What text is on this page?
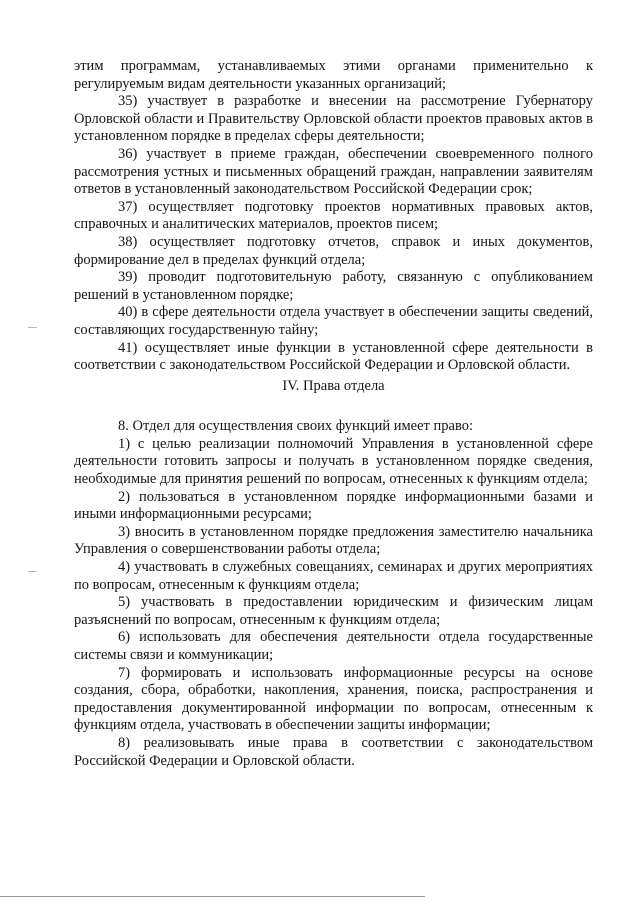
этим программам, устанавливаемых этими органами применительно к регулируемым видам деятельности указанных организаций;

35) участвует в разработке и внесении на рассмотрение Губернатору Орловской области и Правительству Орловской области проектов правовых актов в установленном порядке в пределах сферы деятельности;

36) участвует в приеме граждан, обеспечении своевременного полного рассмотрения устных и письменных обращений граждан, направлении заявителям ответов в установленный законодательством Российской Федерации срок;

37) осуществляет подготовку проектов нормативных правовых актов, справочных и аналитических материалов, проектов писем;

38) осуществляет подготовку отчетов, справок и иных документов, формирование дел в пределах функций отдела;

39) проводит подготовительную работу, связанную с опубликованием решений в установленном порядке;

40) в сфере деятельности отдела участвует в обеспечении защиты сведений, составляющих государственную тайну;

41) осуществляет иные функции в установленной сфере деятельности в соответствии с законодательством Российской Федерации и Орловской области.

IV. Права отдела

8. Отдел для осуществления своих функций имеет право:

1) с целью реализации полномочий Управления в установленной сфере деятельности готовить запросы и получать в установленном порядке сведения, необходимые для принятия решений по вопросам, отнесенных к функциям отдела;

2) пользоваться в установленном порядке информационными базами и иными информационными ресурсами;

3) вносить в установленном порядке предложения заместителю начальника Управления о совершенствовании работы отдела;

4) участвовать в служебных совещаниях, семинарах и других мероприятиях по вопросам, отнесенным к функциям отдела;

5) участвовать в предоставлении юридическим и физическим лицам разъяснений по вопросам, отнесенным к функциям отдела;

6) использовать для обеспечения деятельности отдела государственные системы связи и коммуникации;

7) формировать и использовать информационные ресурсы на основе создания, сбора, обработки, накопления, хранения, поиска, распространения и предоставления документированной информации по вопросам, отнесенным к функциям отдела, участвовать в обеспечении защиты информации;

8) реализовывать иные права в соответствии с законодательством Российской Федерации и Орловской области.
